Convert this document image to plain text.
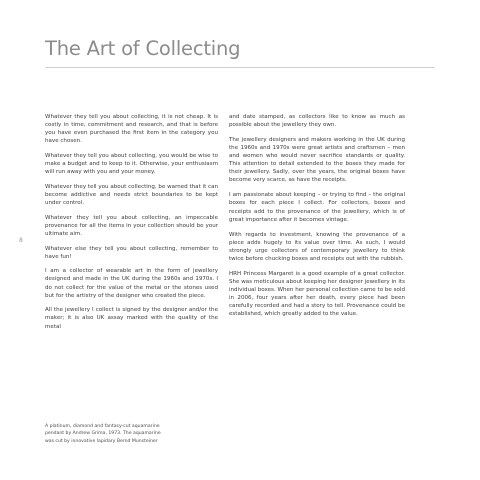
The Art of Collecting
8

Whatever they tell you about collecting, it is not cheap. It is costly in time, commitment and research, and that is before you have even purchased the first item in the category you have chosen.

Whatever they tell you about collecting, you would be wise to make a budget and to keep to it. Otherwise, your enthusiasm will run away with you and your money.

Whatever they tell you about collecting, be warned that it can become addictive and needs strict boundaries to be kept under control.

Whatever they tell you about collecting, an impeccable provenance for all the items in your collection should be your ultimate aim.

Whatever else they tell you about collecting, remember to have fun!

I am a collector of wearable art in the form of jewellery designed and made in the UK during the 1960s and 1970s. I do not collect for the value of the metal or the stones used but for the artistry of the designer who created the piece.

All the jewellery I collect is signed by the designer and/or the maker; it is also UK assay marked with the quality of the metal

and date stamped, as collectors like to know as much as possible about the jewellery they own.

The jewellery designers and makers working in the UK during the 1960s and 1970s were great artists and craftsmen – men and women who would never sacrifice standards or quality. This attention to detail extended to the boxes they made for their jewellery. Sadly, over the years, the original boxes have become very scarce, as have the receipts.

I am passionate about keeping – or trying to find – the original boxes for each piece I collect. For collectors, boxes and receipts add to the provenance of the jewellery, which is of great importance after it becomes vintage.

With regards to investment, knowing the provenance of a piece adds hugely to its value over time. As such, I would strongly urge collectors of contemporary jewellery to think twice before chucking boxes and receipts out with the rubbish.

HRH Princess Margaret is a good example of a great collector. She was meticulous about keeping her designer jewellery in its individual boxes. When her personal collection came to be sold in 2006, four years after her death, every piece had been carefully recorded and had a story to tell. Provenance could be established, which greatly added to the value.

A platinum, diamond and fantasy-cut aquamarine
pendant by Andrew Grima, 1973. The aquamarine
was cut by innovative lapidary Bernd Munsteiner
